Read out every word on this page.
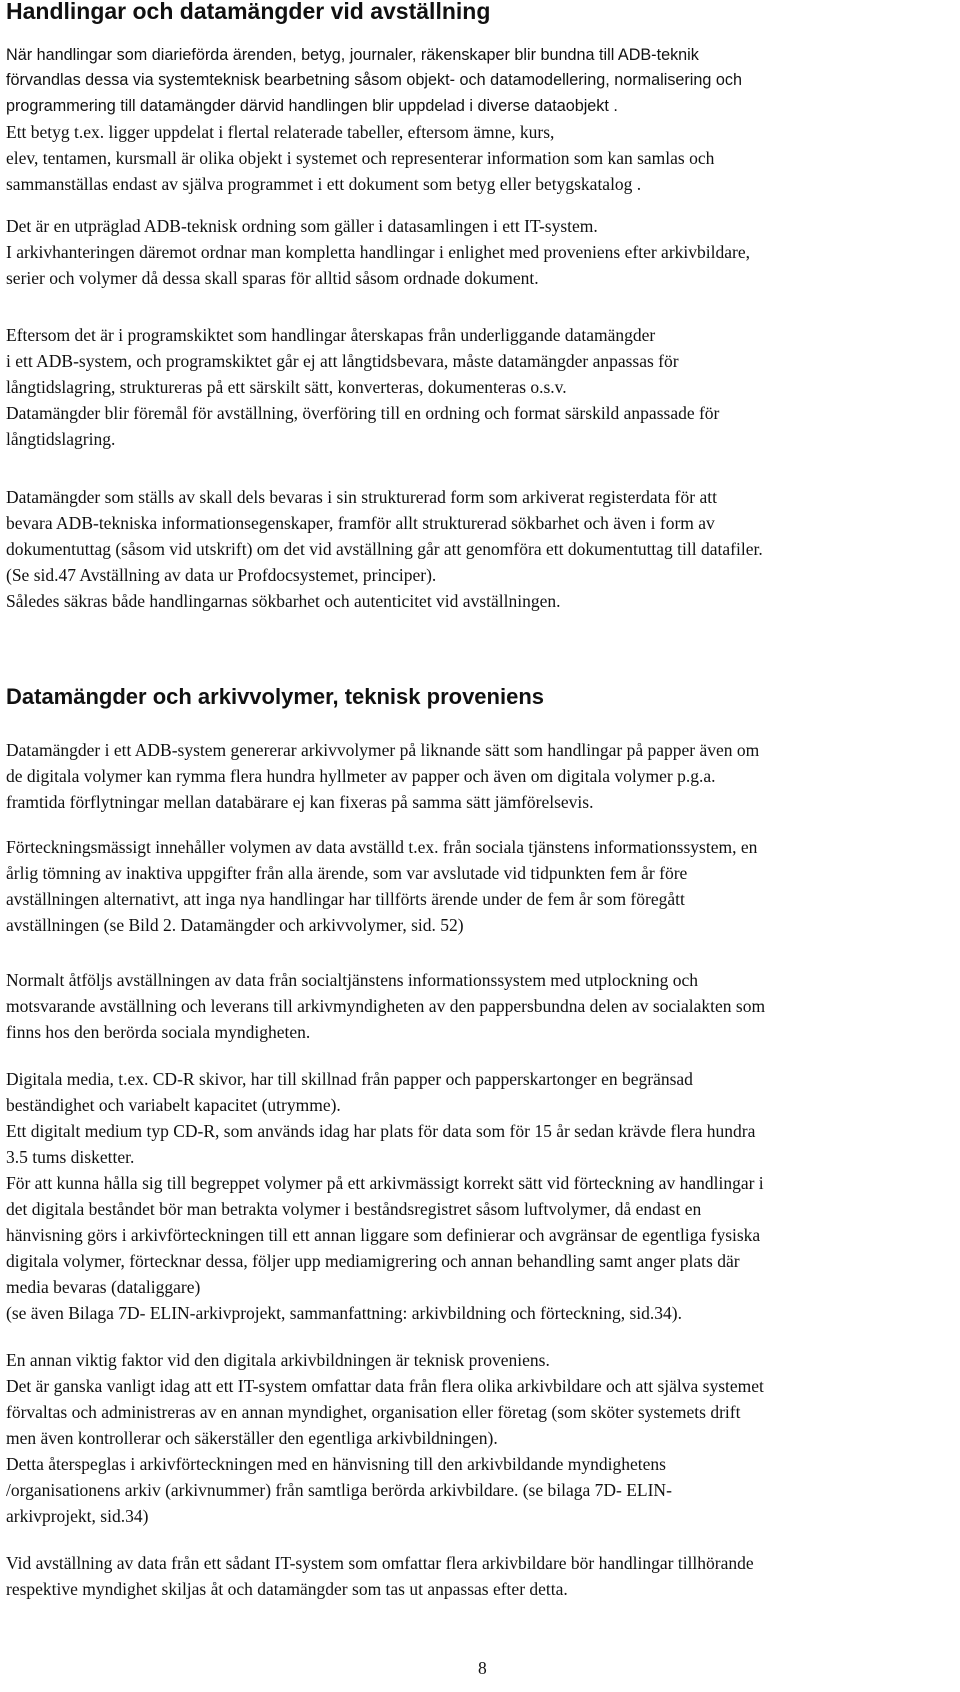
Handlingar och datamängder vid avställning
När handlingar som diarieförda ärenden, betyg, journaler, räkenskaper blir bundna till ADB-teknik
förvandlas dessa via systemteknisk bearbetning såsom objekt- och datamodellering, normalisering och
programmering till datamängder därvid handlingen blir uppdelad i diverse dataobjekt .
Ett betyg t.ex. ligger uppdelat i flertal relaterade tabeller, eftersom ämne, kurs,
elev, tentamen, kursmall är olika objekt i systemet och representerar information som kan samlas och
sammanställas endast av själva programmet i ett dokument som betyg eller betygskatalog .
Det är en utpräglad ADB-teknisk ordning som gäller i datasamlingen i ett IT-system.
I arkivhanteringen däremot ordnar man kompletta handlingar i enlighet med proveniens efter arkivbildare,
serier och volymer då dessa skall sparas för alltid såsom ordnade dokument.
Eftersom det är i programskiktet som handlingar återskapas från underliggande datamängder
i ett ADB-system, och programskiktet går ej att långtidsbevara, måste datamängder anpassas för
långtidslagring, struktureras på ett särskilt sätt, konverteras, dokumenteras o.s.v.
Datamängder blir föremål för avställning, överföring till en ordning och format särskild anpassade för
långtidslagring.
Datamängder som ställs av skall dels bevaras i sin strukturerad form som arkiverat registerdata för att
bevara ADB-tekniska informationsegenskaper, framför allt strukturerad sökbarhet och även i form av
dokumentuttag (såsom vid utskrift) om det vid avställning går att genomföra ett dokumentuttag till datafiler.
(Se sid.47 Avställning av data ur Profdocsystemet, principer).
Således säkras både handlingarnas sökbarhet och autenticitet vid avställningen.
Datamängder och arkivvolymer, teknisk proveniens
Datamängder i ett ADB-system genererar arkivvolymer på liknande sätt som handlingar på papper även om
de digitala volymer kan rymma flera hundra hyllmeter av papper och även om digitala volymer p.g.a.
framtida förflytningar mellan databärare ej kan fixeras på samma sätt jämförelsevis.
Förteckningsmässigt innehåller volymen av data avställd t.ex. från sociala tjänstens informationssystem, en
årlig tömning av inaktiva uppgifter från alla ärende, som var avslutade vid tidpunkten fem år före
avställningen alternativt, att inga nya handlingar har tillförts ärende under de fem år som föregått
avställningen (se Bild 2. Datamängder och arkivvolymer, sid. 52)
Normalt åtföljs avställningen av data från socialtjänstens informationssystem med utplockning och
motsvarande avställning och leverans till arkivmyndigheten av den pappersbundna delen av socialakten som
finns hos den berörda sociala myndigheten.
Digitala media, t.ex. CD-R skivor, har till skillnad från papper och papperskartonger en begränsad
beständighet och variabelt kapacitet (utrymme).
Ett digitalt medium typ CD-R, som används idag har plats för data som för 15 år sedan krävde flera hundra
3.5 tums disketter.
För att kunna hålla sig till begreppet volymer på ett arkivmässigt korrekt sätt vid förteckning av handlingar i
det digitala beståndet bör man betrakta volymer i beståndsregistret såsom luftvolymer, då endast en
hänvisning görs i arkivförteckningen till ett annan liggare som definierar och avgränsar de egentliga fysiska
digitala volymer, förtecknar dessa, följer upp mediamigrering och annan behandling samt anger plats där
media bevaras (dataliggare)
(se även Bilaga 7D- ELIN-arkivprojekt, sammanfattning: arkivbildning och förteckning, sid.34).
En annan viktig faktor vid den digitala arkivbildningen är teknisk proveniens.
Det är ganska vanligt idag att ett IT-system omfattar data från flera olika arkivbildare och att själva systemet
förvaltas och administreras av en annan myndighet, organisation eller företag (som sköter systemets drift
men även kontrollerar och säkerställer den egentliga arkivbildningen).
Detta återspeglas i arkivförteckningen med en hänvisning till den arkivbildande myndighetens
/organisationens arkiv (arkivnummer) från samtliga berörda arkivbildare. (se bilaga 7D- ELIN-
arkivprojekt, sid.34)
Vid avställning av data från ett sådant IT-system som omfattar flera arkivbildare bör handlingar tillhörande
respektive myndighet skiljas åt och datamängder som tas ut anpassas efter detta.
8
